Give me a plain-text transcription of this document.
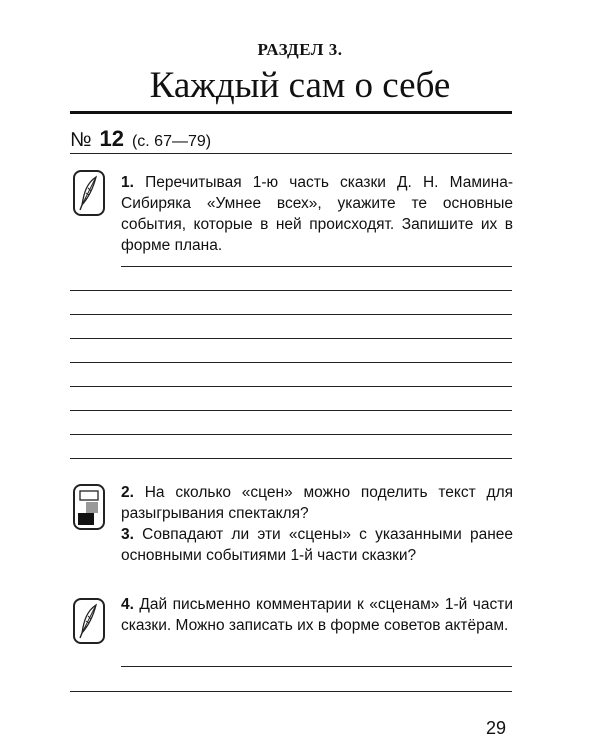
РАЗДЕЛ 3.
Каждый сам о себе
№ 12 (с. 67—79)
1. Перечитывая 1-ю часть сказки Д. Н. Мамина-Сибиряка «Умнее всех», укажите те основные события, которые в ней происходят. Запишите их в форме плана.
2. На сколько «сцен» можно поделить текст для разыгрывания спектакля?
3. Совпадают ли эти «сцены» с указанными ранее основными событиями 1-й части сказки?
4. Дай письменно комментарии к «сценам» 1-й части сказки. Можно записать их в форме советов актёрам.
29
